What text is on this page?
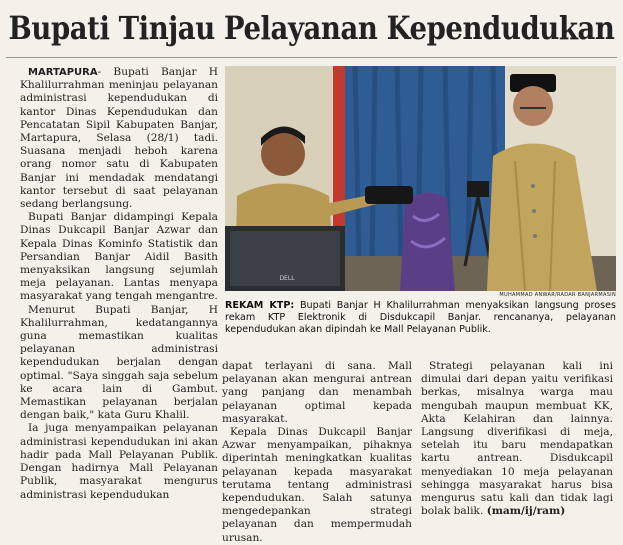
Bupati Tinjau Pelayanan Kependudukan

MARTAPURA- Bupati Banjar H Khalilurrahman meninjau pelayanan administrasi kependudukan di kantor Dinas Kependudukan dan Pencatatan Sipil Kabupaten Banjar, Martapura, Selasa (28/1) tadi. Suasana menjadi heboh karena orang nomor satu di Kabupaten Banjar ini mendadak mendatangi kantor tersebut di saat pelayanan sedang berlangsung.

Bupati Banjar didampingi Kepala Dinas Dukcapil Banjar Azwar dan Kepala Dinas Kominfo Statistik dan Persandian Banjar Aidil Basith menyaksikan langsung sejumlah meja pelayanan. Lantas menyapa masyarakat yang tengah mengantre.

Menurut Bupati Banjar, H Khalilurrahman, kedatangannya guna memastikan kualitas pelayanan administrasi kependudukan berjalan dengan optimal. "Saya singgah saja sebelum ke acara lain di Gambut. Memastikan pelayanan berjalan dengan baik," kata Guru Khalil.

Ia juga menyampaikan pelayanan administrasi kependudukan ini akan hadir pada Mall Pelayanan Publik. Dengan hadirnya Mall Pelayanan Publik, masyarakat mengurus administrasi kependudukan

DELL
MUHAMMAD ANWAR/RADAR BANJARMASIN
REKAM KTP: Bupati Banjar H Khalilurrahman menyaksikan langsung proses rekam KTP Elektronik di Disdukcapil Banjar. rencananya, pelayanan kependudukan akan dipindah ke Mall Pelayanan Publik.

dapat terlayani di sana. Mall pelayanan akan mengurai antrean yang panjang dan menambah pelayanan optimal kepada masyarakat.

Kepala Dinas Dukcapil Banjar Azwar menyampaikan, pihaknya diperintah meningkatkan kualitas pelayanan kepada masyarakat terutama tentang administrasi kependudukan. Salah satunya mengedepankan strategi pelayanan dan mempermudah urusan.

Strategi pelayanan kali ini dimulai dari depan yaitu verifikasi berkas, misalnya warga mau mengubah maupun membuat KK, Akta Kelahiran dan lainnya. Langsung diverifikasi di meja, setelah itu baru mendapatkan kartu antrean. Disdukcapil menyediakan 10 meja pelayanan sehingga masyarakat harus bisa mengurus satu kali dan tidak lagi bolak balik. (mam/ij/ram)
